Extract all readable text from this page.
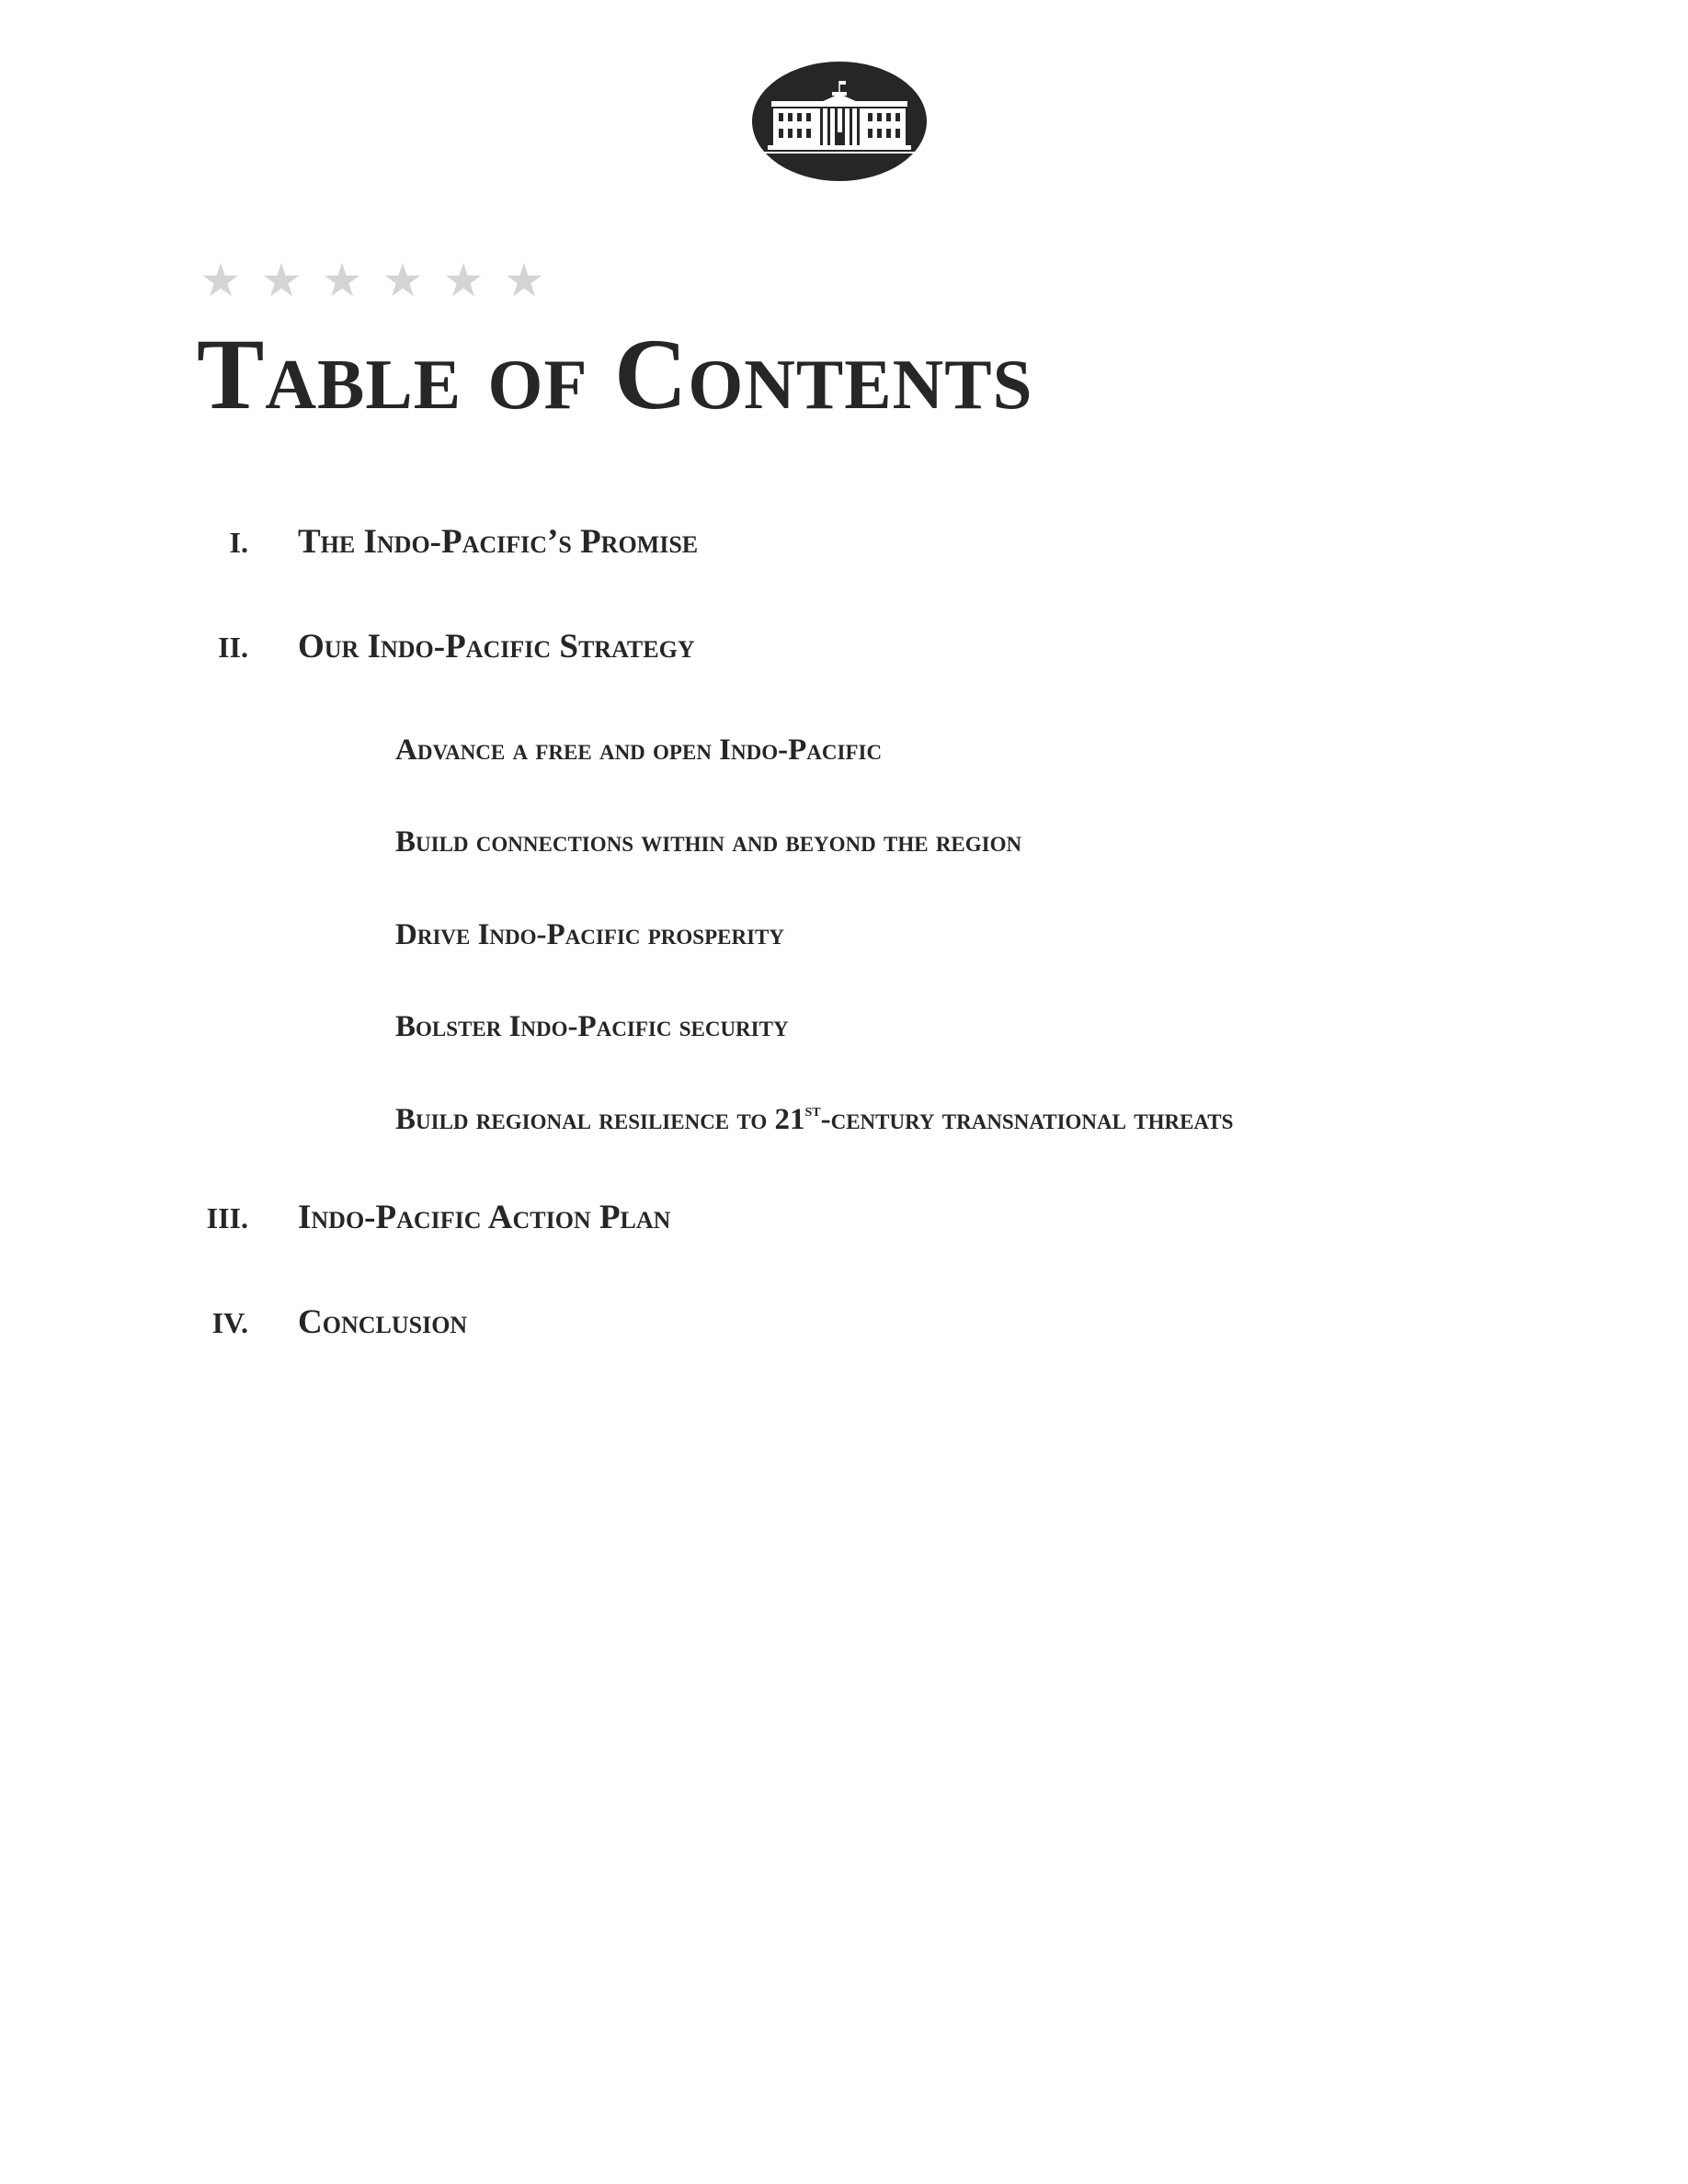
★ ★ ★ ★ ★ ★
Table of Contents
I. The Indo-Pacific’s Promise
II. Our Indo-Pacific Strategy
Advance a free and open Indo-Pacific
Build connections within and beyond the region
Drive Indo-Pacific prosperity
Bolster Indo-Pacific security
Build regional resilience to 21st-century transnational threats
III. Indo-Pacific Action Plan
IV. Conclusion
